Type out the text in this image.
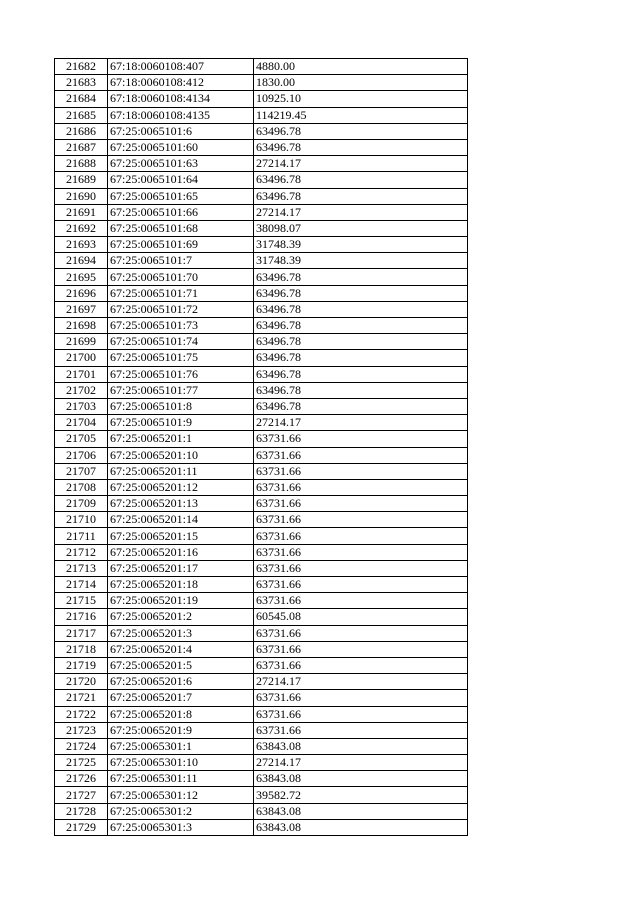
21682	67:18:0060108:407	4880.00
21683	67:18:0060108:412	1830.00
21684	67:18:0060108:4134	10925.10
21685	67:18:0060108:4135	114219.45
21686	67:25:0065101:6	63496.78
21687	67:25:0065101:60	63496.78
21688	67:25:0065101:63	27214.17
21689	67:25:0065101:64	63496.78
21690	67:25:0065101:65	63496.78
21691	67:25:0065101:66	27214.17
21692	67:25:0065101:68	38098.07
21693	67:25:0065101:69	31748.39
21694	67:25:0065101:7	31748.39
21695	67:25:0065101:70	63496.78
21696	67:25:0065101:71	63496.78
21697	67:25:0065101:72	63496.78
21698	67:25:0065101:73	63496.78
21699	67:25:0065101:74	63496.78
21700	67:25:0065101:75	63496.78
21701	67:25:0065101:76	63496.78
21702	67:25:0065101:77	63496.78
21703	67:25:0065101:8	63496.78
21704	67:25:0065101:9	27214.17
21705	67:25:0065201:1	63731.66
21706	67:25:0065201:10	63731.66
21707	67:25:0065201:11	63731.66
21708	67:25:0065201:12	63731.66
21709	67:25:0065201:13	63731.66
21710	67:25:0065201:14	63731.66
21711	67:25:0065201:15	63731.66
21712	67:25:0065201:16	63731.66
21713	67:25:0065201:17	63731.66
21714	67:25:0065201:18	63731.66
21715	67:25:0065201:19	63731.66
21716	67:25:0065201:2	60545.08
21717	67:25:0065201:3	63731.66
21718	67:25:0065201:4	63731.66
21719	67:25:0065201:5	63731.66
21720	67:25:0065201:6	27214.17
21721	67:25:0065201:7	63731.66
21722	67:25:0065201:8	63731.66
21723	67:25:0065201:9	63731.66
21724	67:25:0065301:1	63843.08
21725	67:25:0065301:10	27214.17
21726	67:25:0065301:11	63843.08
21727	67:25:0065301:12	39582.72
21728	67:25:0065301:2	63843.08
21729	67:25:0065301:3	63843.08
